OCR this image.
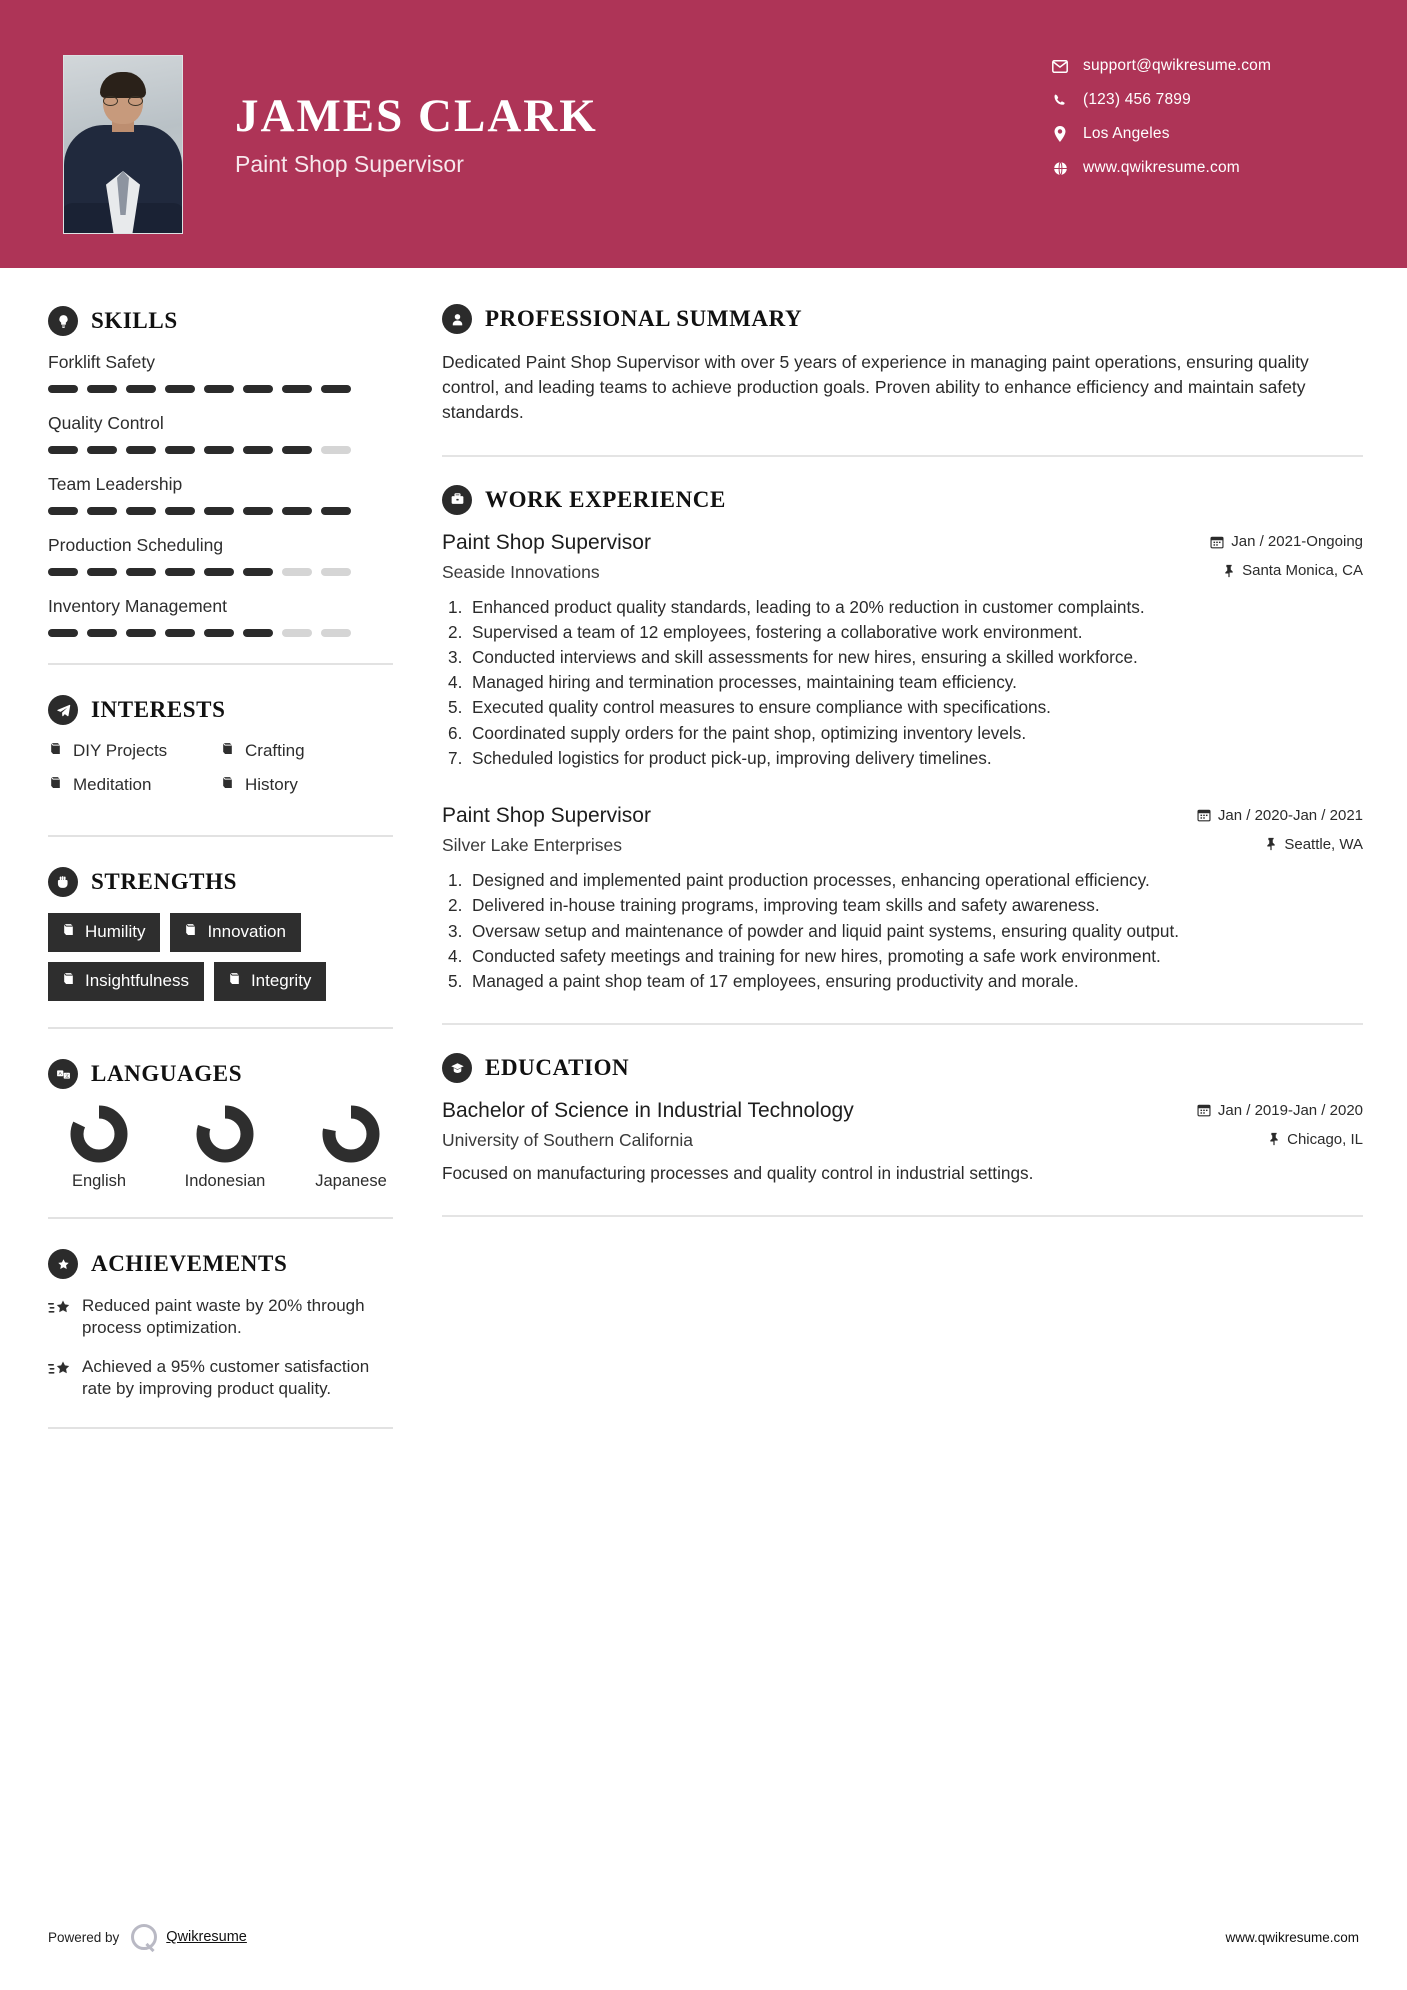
JAMES CLARK
Paint Shop Supervisor
support@qwikresume.com
(123) 456 7899
Los Angeles
www.qwikresume.com
SKILLS
Forklift Safety
Quality Control
Team Leadership
Production Scheduling
Inventory Management
INTERESTS
DIY Projects	Crafting
Meditation	History
STRENGTHS
Humility	Innovation
Insightfulness	Integrity
A 文 LANGUAGES
English	Indonesian	Japanese
ACHIEVEMENTS
Reduced paint waste by 20% through process optimization.
Achieved a 95% customer satisfaction rate by improving product quality.
PROFESSIONAL SUMMARY
Dedicated Paint Shop Supervisor with over 5 years of experience in managing paint operations, ensuring quality control, and leading teams to achieve production goals. Proven ability to enhance efficiency and maintain safety standards.
WORK EXPERIENCE
Paint Shop Supervisor	Jan / 2021-Ongoing
Seaside Innovations	Santa Monica, CA
Enhanced product quality standards, leading to a 20% reduction in customer complaints.
Supervised a team of 12 employees, fostering a collaborative work environment.
Conducted interviews and skill assessments for new hires, ensuring a skilled workforce.
Managed hiring and termination processes, maintaining team efficiency.
Executed quality control measures to ensure compliance with specifications.
Coordinated supply orders for the paint shop, optimizing inventory levels.
Scheduled logistics for product pick-up, improving delivery timelines.
Paint Shop Supervisor	Jan / 2020-Jan / 2021
Silver Lake Enterprises	Seattle, WA
Designed and implemented paint production processes, enhancing operational efficiency.
Delivered in-house training programs, improving team skills and safety awareness.
Oversaw setup and maintenance of powder and liquid paint systems, ensuring quality output.
Conducted safety meetings and training for new hires, promoting a safe work environment.
Managed a paint shop team of 17 employees, ensuring productivity and morale.
EDUCATION
Bachelor of Science in Industrial Technology	Jan / 2019-Jan / 2020
University of Southern California	Chicago, IL
Focused on manufacturing processes and quality control in industrial settings.
Powered by	Qwikresume	www.qwikresume.com
